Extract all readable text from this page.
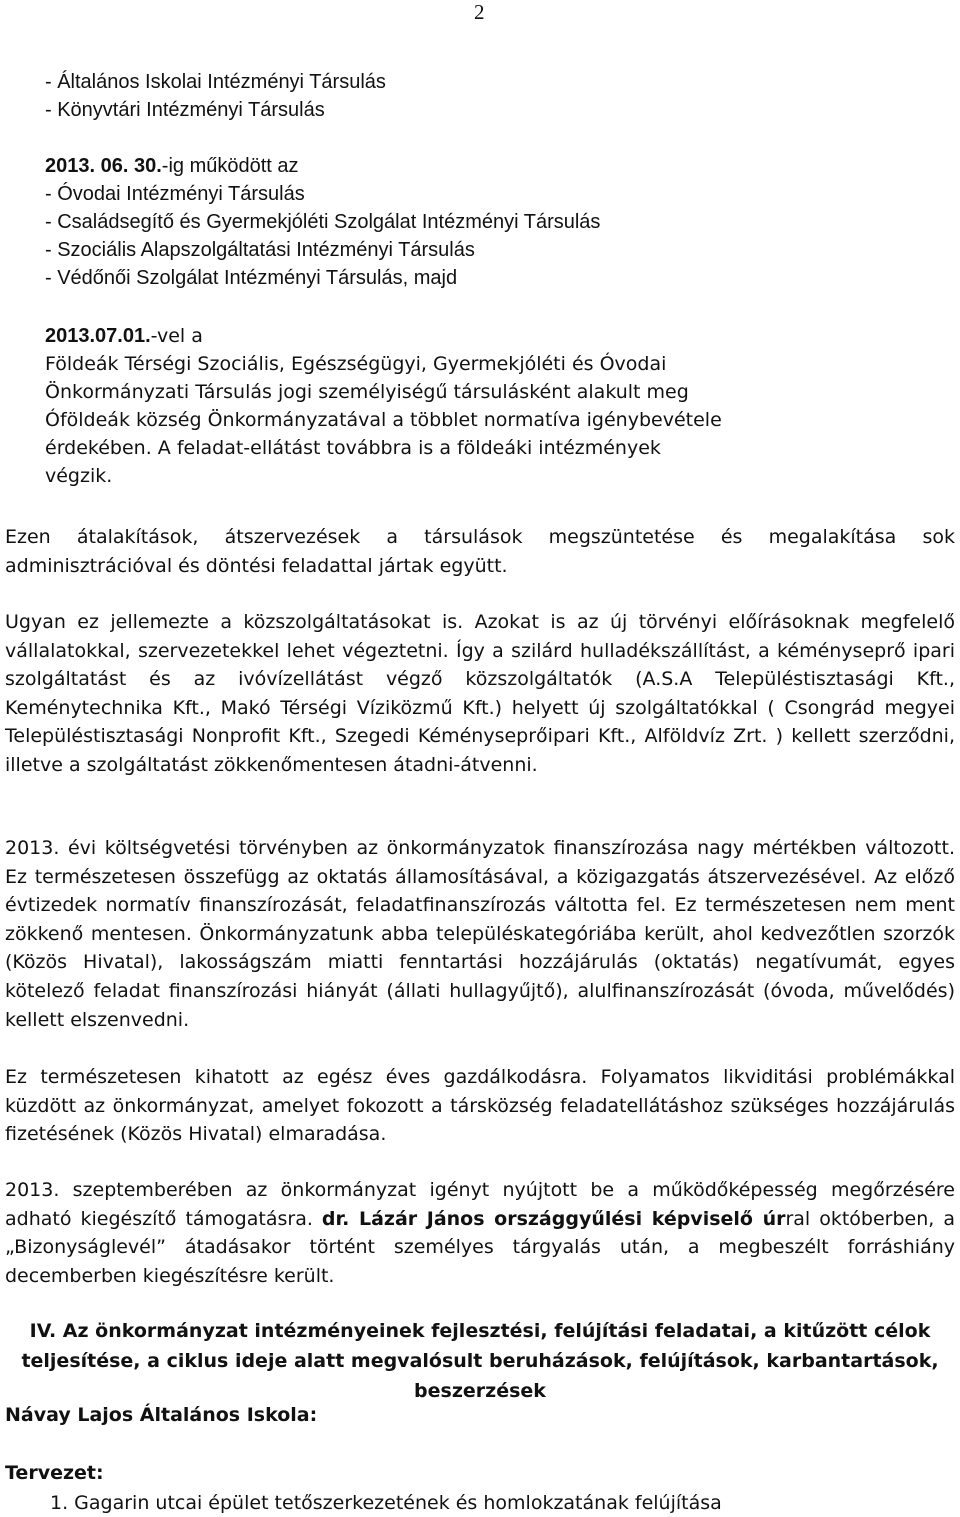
2
- Általános Iskolai Intézményi Társulás
- Könyvtári Intézményi Társulás
2013. 06. 30.-ig működött az
- Óvodai Intézményi Társulás
- Családsegítő és Gyermekjóléti Szolgálat Intézményi Társulás
- Szociális Alapszolgáltatási Intézményi Társulás
- Védőnői Szolgálat Intézményi Társulás, majd
2013.07.01.-vel a
Földeák Térségi Szociális, Egészségügyi, Gyermekjóléti és Óvodai
Önkormányzati Társulás jogi személyiségű társulásként alakult meg
Óföldeák község Önkormányzatával a többlet normatíva igénybevétele
érdekében. A feladat-ellátást továbbra is a földeáki intézmények
végzik.
Ezen átalakítások, átszervezések a társulások megszüntetése és megalakítása sok adminisztrációval és döntési feladattal jártak együtt.
Ugyan ez jellemezte a közszolgáltatásokat is. Azokat is az új törvényi előírásoknak megfelelő vállalatokkal, szervezetekkel lehet végeztetni. Így a szilárd hulladékszállítást, a kéményseprő ipari szolgáltatást és az ivóvízellátást végző közszolgáltatók (A.S.A Településtisztasági Kft., Keménytechnika Kft., Makó Térségi Víziközmű Kft.) helyett új szolgáltatókkal ( Csongrád megyei Településtisztasági Nonprofit Kft., Szegedi Kéményseprőipari Kft., Alföldvíz Zrt. ) kellett szerződni, illetve a szolgáltatást zökkenőmentesen átadni-átvenni.
2013. évi költségvetési törvényben az önkormányzatok finanszírozása nagy mértékben változott. Ez természetesen összefügg az oktatás államosításával, a közigazgatás átszervezésével. Az előző évtizedek normatív finanszírozását, feladatfinanszírozás váltotta fel. Ez természetesen nem ment zökkenő mentesen. Önkormányzatunk abba településkategóriába került, ahol kedvezőtlen szorzók (Közös Hivatal), lakosságszám miatti fenntartási hozzájárulás (oktatás) negatívumát, egyes kötelező feladat finanszírozási hiányát (állati hullagyűjtő), alulfinanszírozását (óvoda, művelődés) kellett elszenvedni.
Ez természetesen kihatott az egész éves gazdálkodásra. Folyamatos likviditási problémákkal küzdött az önkormányzat, amelyet fokozott a társközség feladatellátáshoz szükséges hozzájárulás fizetésének (Közös Hivatal) elmaradása.
2013. szeptemberében az önkormányzat igényt nyújtott be a működőképesség megőrzésére adható kiegészítő támogatásra. dr. Lázár János országgyűlési képviselő úrral októberben, a „Bizonyságlevél” átadásakor történt személyes tárgyalás után, a megbeszélt forráshiány decemberben kiegészítésre került.
IV. Az önkormányzat intézményeinek fejlesztési, felújítási feladatai, a kitűzött célok teljesítése, a ciklus ideje alatt megvalósult beruházások, felújítások, karbantartások, beszerzések
Návay Lajos Általános Iskola:
Tervezet:
1. Gagarin utcai épület tetőszerkezetének és homlokzatának felújítása
